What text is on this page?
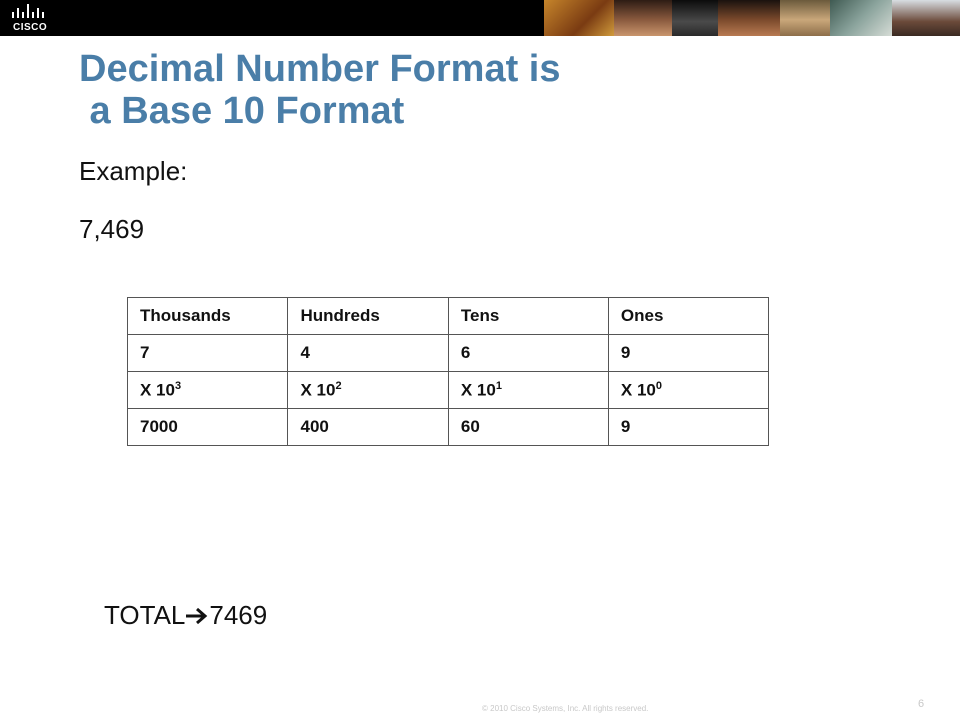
CISCO
Decimal Number Format is
a Base 10 Format
Example:
7,469
Thousands	Hundreds	Tens	Ones
7	4	6	9
X $10^3$	X $10^2$	X $10^1$	X $10^0$
7000	400	60	9
TOTAL 7469
© 2010 Cisco Systems, Inc. All rights reserved.	6
